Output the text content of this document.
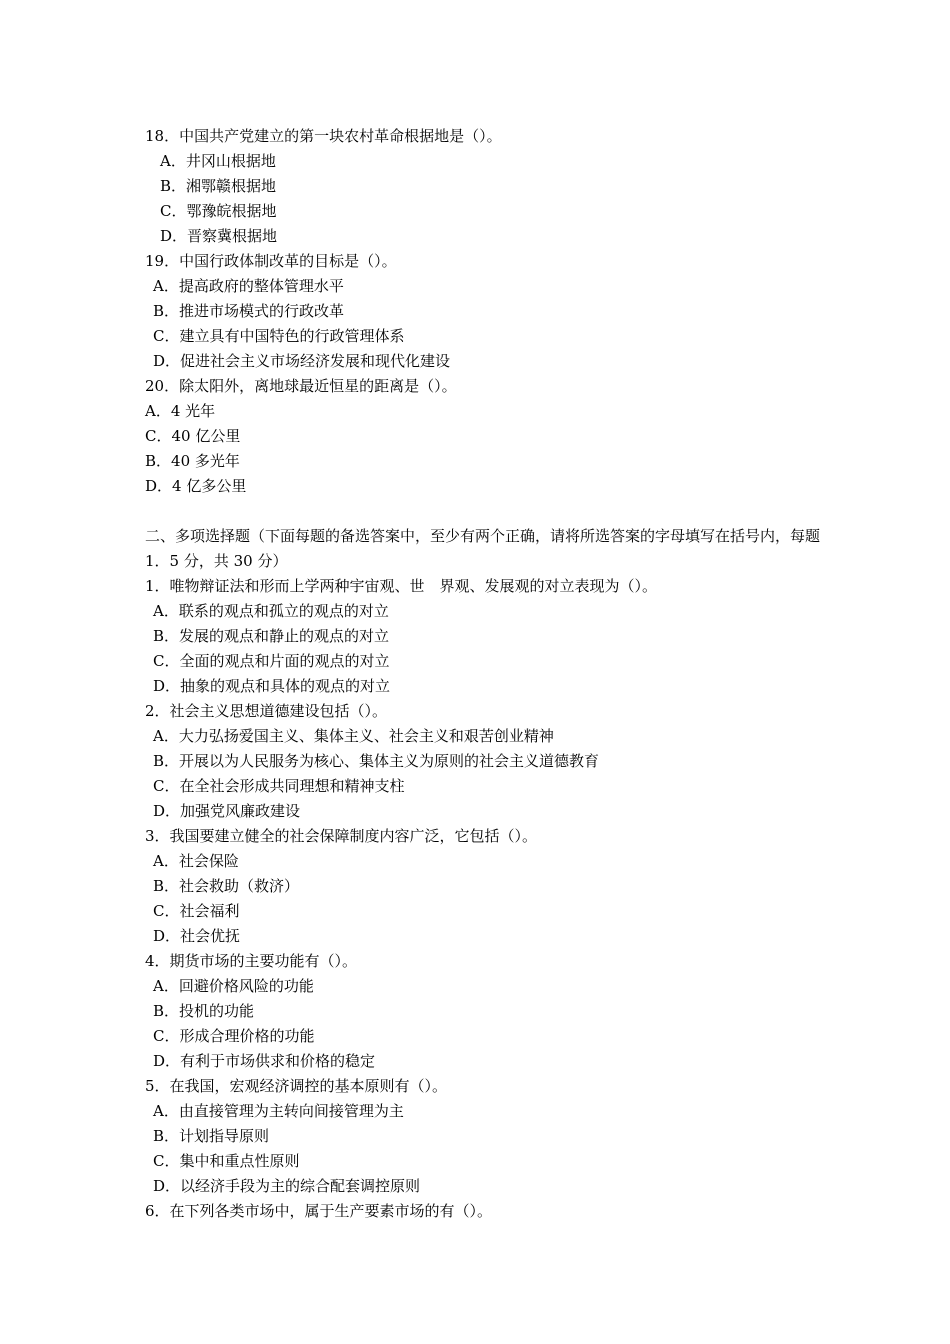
18．中国共产党建立的第一块农村革命根据地是（）。
A．井冈山根据地
B．湘鄂赣根据地
C．鄂豫皖根据地
D．晋察冀根据地
19．中国行政体制改革的目标是（）。
A．提高政府的整体管理水平
B．推进市场模式的行政改革
C．建立具有中国特色的行政管理体系
D．促进社会主义市场经济发展和现代化建设
20．除太阳外，离地球最近恒星的距离是（）。
A．4 光年
C．40 亿公里
B．40 多光年
D．4 亿多公里
二、多项选择题（下面每题的备选答案中，至少有两个正确，请将所选答案的字母填写在括号内，每题 1．5 分，共 30 分）
1．唯物辩证法和形而上学两种宇宙观、世　界观、发展观的对立表现为（）。
A．联系的观点和孤立的观点的对立
B．发展的观点和静止的观点的对立
C．全面的观点和片面的观点的对立
D．抽象的观点和具体的观点的对立
2．社会主义思想道德建设包括（）。
A．大力弘扬爱国主义、集体主义、社会主义和艰苦创业精神
B．开展以为人民服务为核心、集体主义为原则的社会主义道德教育
C．在全社会形成共同理想和精神支柱
D．加强党风廉政建设
3．我国要建立健全的社会保障制度内容广泛，它包括（）。
A．社会保险
B．社会救助（救济）
C．社会福利
D．社会优抚
4．期货市场的主要功能有（）。
A．回避价格风险的功能
B．投机的功能
C．形成合理价格的功能
D．有利于市场供求和价格的稳定
5．在我国，宏观经济调控的基本原则有（）。
A．由直接管理为主转向间接管理为主
B．计划指导原则
C．集中和重点性原则
D．以经济手段为主的综合配套调控原则
6．在下列各类市场中，属于生产要素市场的有（）。
